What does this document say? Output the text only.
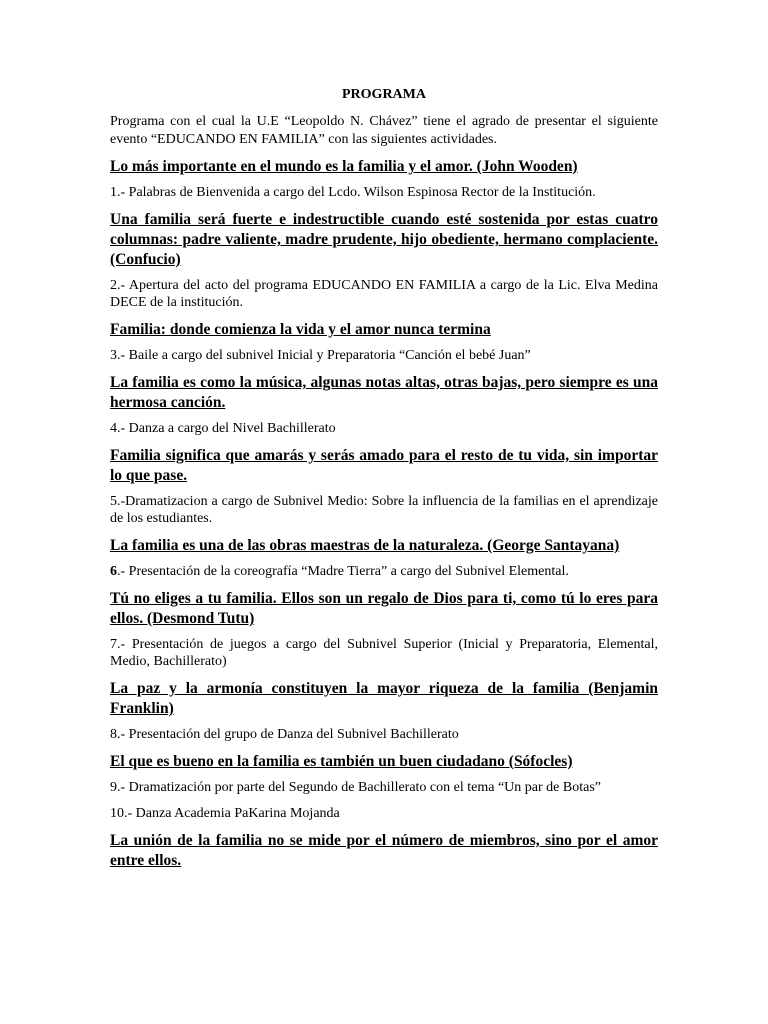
PROGRAMA
Programa con el cual la U.E “Leopoldo N. Chávez” tiene el agrado de presentar el siguiente evento “EDUCANDO EN FAMILIA” con las siguientes actividades.
Lo más importante en el mundo es la familia y el amor. (John Wooden)
1.- Palabras de Bienvenida a cargo del Lcdo. Wilson Espinosa Rector de la Institución.
Una familia será fuerte e indestructible cuando esté sostenida por estas cuatro columnas: padre valiente, madre prudente, hijo obediente, hermano complaciente. (Confucio)
2.- Apertura del acto del programa EDUCANDO EN FAMILIA a cargo de la Lic. Elva Medina DECE de la institución.
Familia: donde comienza la vida y el amor nunca termina
3.- Baile a cargo del subnivel Inicial y Preparatoria “Canción el bebé Juan”
La familia es como la música, algunas notas altas, otras bajas, pero siempre es una hermosa canción.
4.- Danza a cargo del Nivel Bachillerato
Familia significa que amarás y serás amado para el resto de tu vida, sin importar lo que pase.
5.-Dramatizacion a cargo de Subnivel Medio: Sobre la influencia de la familias en el aprendizaje de los estudiantes.
La familia es una de las obras maestras de la naturaleza. (George Santayana)
6.- Presentación de la coreografía “Madre Tierra” a cargo del Subnivel Elemental.
Tú no eliges a tu familia. Ellos son un regalo de Dios para ti, como tú lo eres para ellos. (Desmond Tutu)
7.- Presentación de juegos a cargo del Subnivel Superior (Inicial y Preparatoria, Elemental, Medio, Bachillerato)
La paz y la armonía constituyen la mayor riqueza de la familia (Benjamin Franklin)
8.- Presentación del grupo de Danza del Subnivel Bachillerato
El que es bueno en la familia es también un buen ciudadano (Sófocles)
9.- Dramatización por parte del Segundo de Bachillerato con el tema “Un par de Botas”
10.- Danza Academia PaKarina Mojanda
La unión de la familia no se mide por el número de miembros, sino por el amor entre ellos.
